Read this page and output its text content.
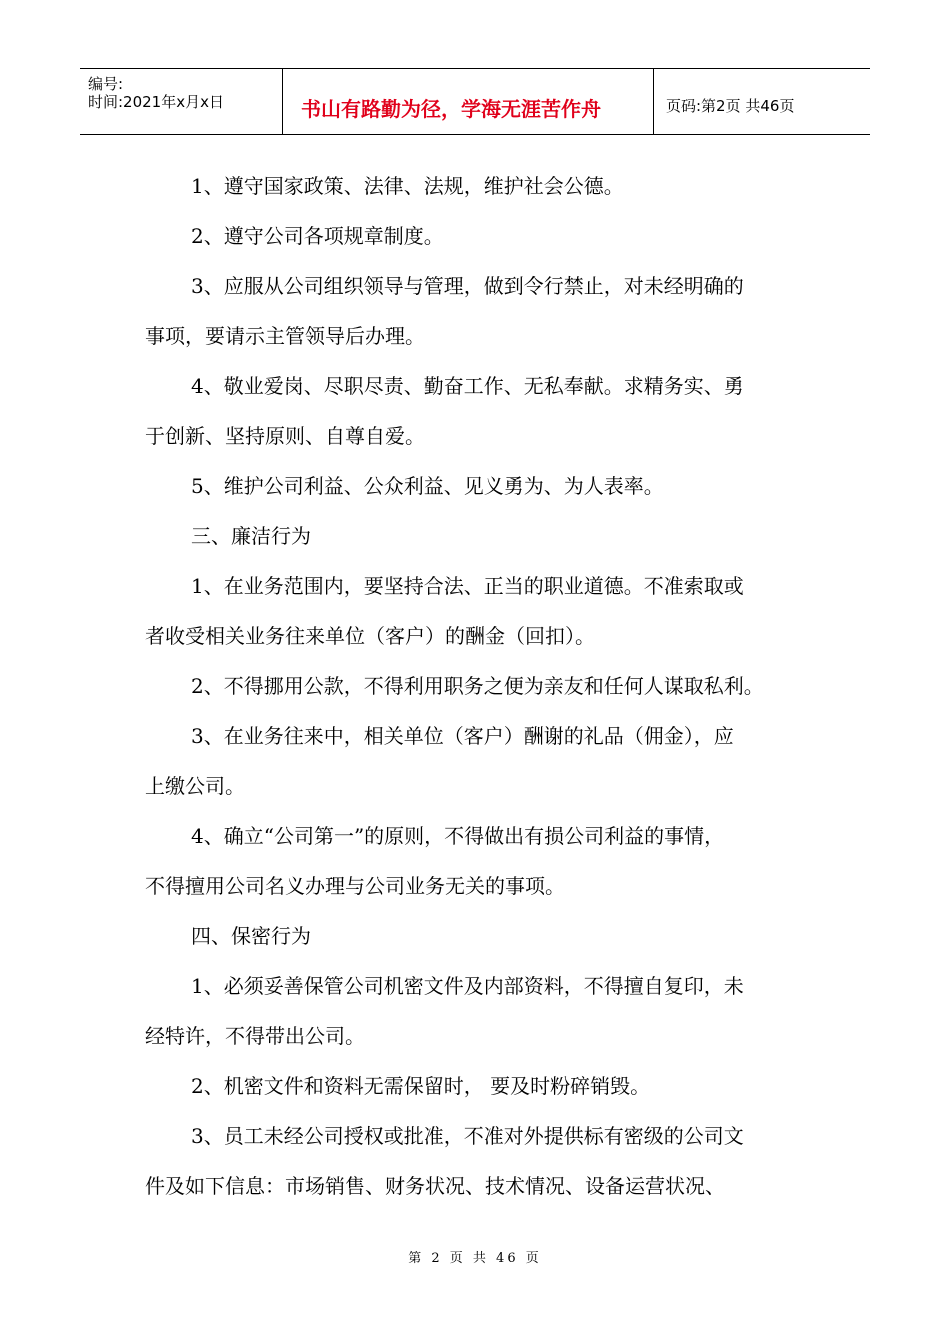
编号:
时间:2021年x月x日	书山有路勤为径，学海无涯苦作舟	页码:第2页 共46页
1、遵守国家政策、法律、法规，维护社会公德。
2、遵守公司各项规章制度。
3、应服从公司组织领导与管理，做到令行禁止，对未经明确的
事项，要请示主管领导后办理。
4、敬业爱岗、尽职尽责、勤奋工作、无私奉献。求精务实、勇
于创新、坚持原则、自尊自爱。
5、维护公司利益、公众利益、见义勇为、为人表率。
三、廉洁行为
1、在业务范围内，要坚持合法、正当的职业道德。不准索取或
者收受相关业务往来单位（客户）的酬金（回扣）。
2、不得挪用公款，不得利用职务之便为亲友和任何人谋取私利。
3、在业务往来中，相关单位（客户）酬谢的礼品（佣金），应
上缴公司。
4、确立“公司第一”的原则，不得做出有损公司利益的事情，
不得擅用公司名义办理与公司业务无关的事项。
四、保密行为
1、必须妥善保管公司机密文件及内部资料，不得擅自复印，未
经特许，不得带出公司。
2、机密文件和资料无需保留时， 要及时粉碎销毁。
3、员工未经公司授权或批准，不准对外提供标有密级的公司文
件及如下信息：市场销售、财务状况、技术情况、设备运营状况、
第 2 页 共 46 页
